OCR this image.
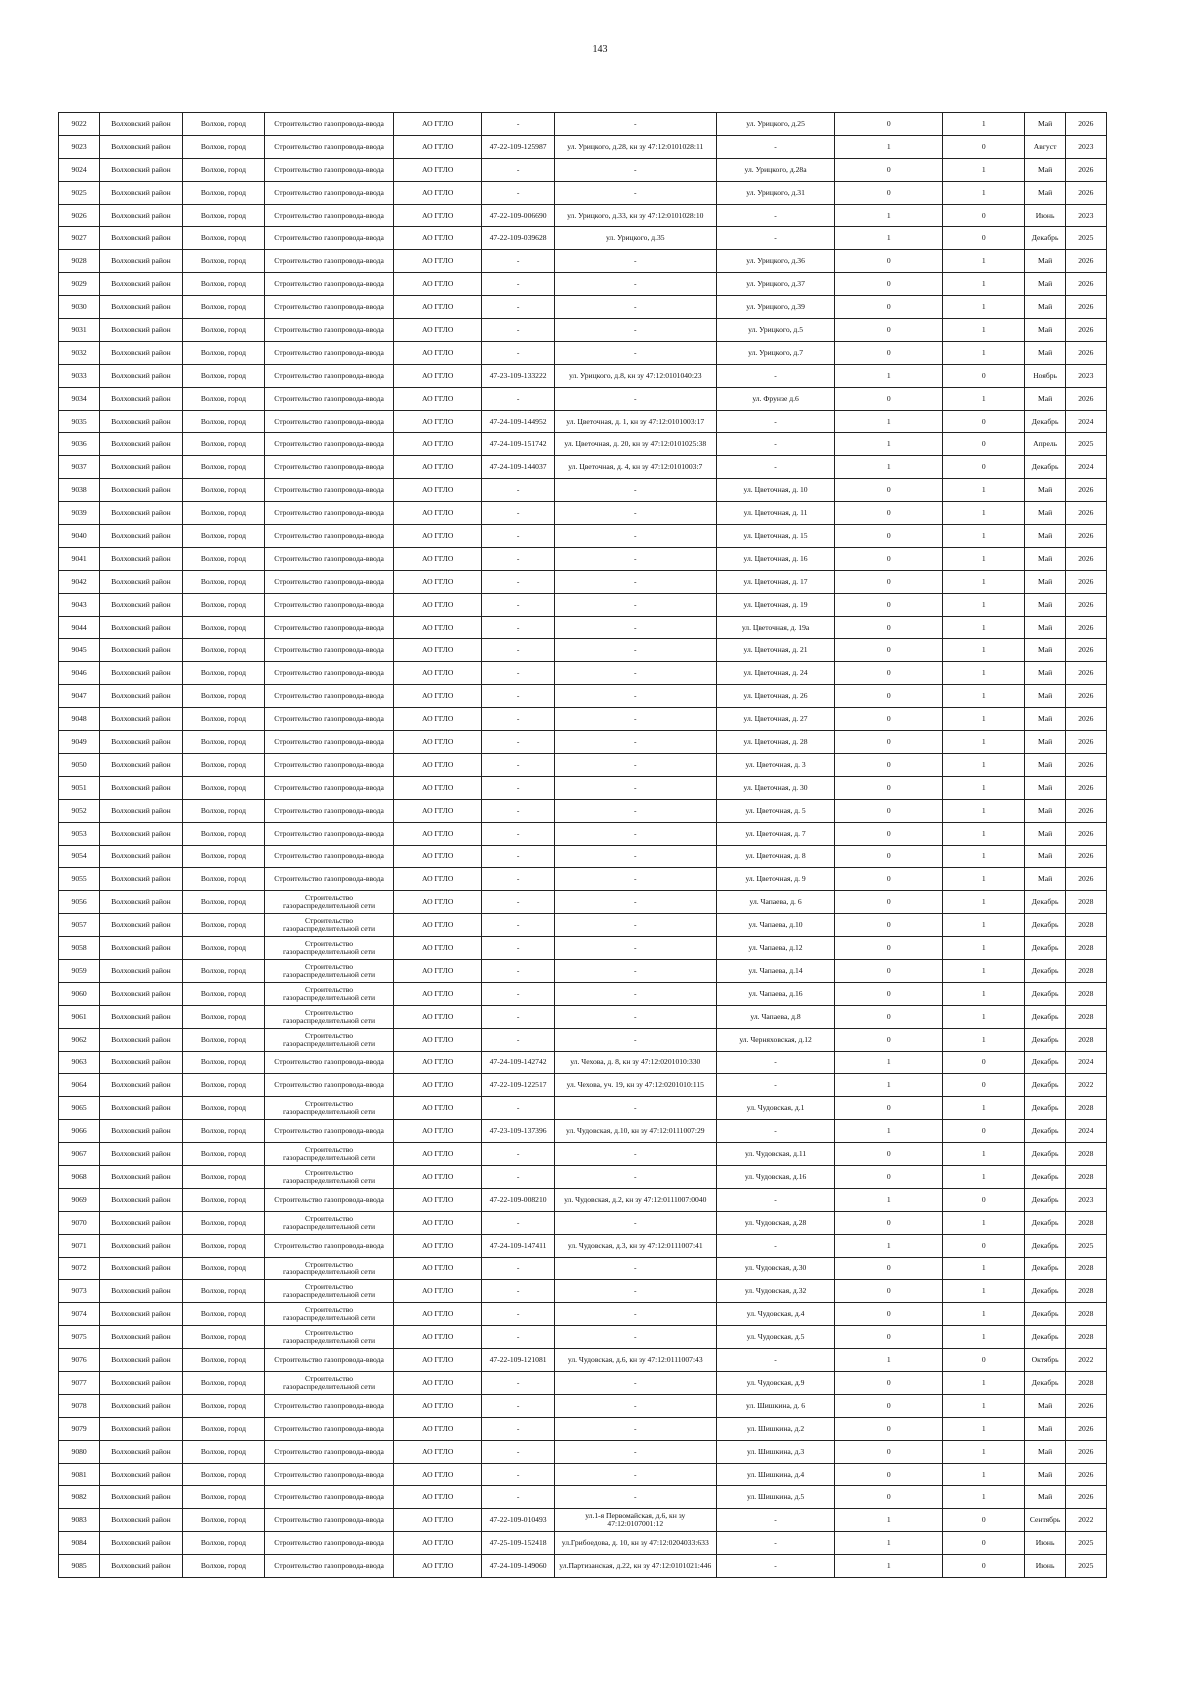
143
9022	Волховский район	Волхов, город	Строительство газопровода-ввода	АО ГГЛО	-	-	ул. Урицкого, д.25	0	1	Май	2026
9023	Волховский район	Волхов, город	Строительство газопровода-ввода	АО ГГЛО	47-22-109-125987	ул. Урицкого, д.28, кн зу 47:12:0101028:11	-	1	0	Август	2023
9024	Волховский район	Волхов, город	Строительство газопровода-ввода	АО ГГЛО	-	-	ул. Урицкого, д.28а	0	1	Май	2026
9025	Волховский район	Волхов, город	Строительство газопровода-ввода	АО ГГЛО	-	-	ул. Урицкого, д.31	0	1	Май	2026
9026	Волховский район	Волхов, город	Строительство газопровода-ввода	АО ГГЛО	47-22-109-006690	ул. Урицкого, д.33, кн зу 47:12:0101028:10	-	1	0	Июнь	2023
9027	Волховский район	Волхов, город	Строительство газопровода-ввода	АО ГГЛО	47-22-109-039628	ул. Урицкого, д.35	-	1	0	Декабрь	2025
9028	Волховский район	Волхов, город	Строительство газопровода-ввода	АО ГГЛО	-	-	ул. Урицкого, д.36	0	1	Май	2026
9029	Волховский район	Волхов, город	Строительство газопровода-ввода	АО ГГЛО	-	-	ул. Урицкого, д.37	0	1	Май	2026
9030	Волховский район	Волхов, город	Строительство газопровода-ввода	АО ГГЛО	-	-	ул. Урицкого, д.39	0	1	Май	2026
9031	Волховский район	Волхов, город	Строительство газопровода-ввода	АО ГГЛО	-	-	ул. Урицкого, д.5	0	1	Май	2026
9032	Волховский район	Волхов, город	Строительство газопровода-ввода	АО ГГЛО	-	-	ул. Урицкого, д.7	0	1	Май	2026
9033	Волховский район	Волхов, город	Строительство газопровода-ввода	АО ГГЛО	47-23-109-133222	ул. Урицкого, д.8, кн зу 47:12:0101040:23	-	1	0	Ноябрь	2023
9034	Волховский район	Волхов, город	Строительство газопровода-ввода	АО ГГЛО	-	-	ул. Фрунзе д.6	0	1	Май	2026
9035	Волховский район	Волхов, город	Строительство газопровода-ввода	АО ГГЛО	47-24-109-144952	ул. Цветочная, д. 1, кн зу 47:12:0101003:17	-	1	0	Декабрь	2024
9036	Волховский район	Волхов, город	Строительство газопровода-ввода	АО ГГЛО	47-24-109-151742	ул. Цветочная, д. 20, кн зу 47:12:0101025:38	-	1	0	Апрель	2025
9037	Волховский район	Волхов, город	Строительство газопровода-ввода	АО ГГЛО	47-24-109-144037	ул. Цветочная, д. 4, кн зу 47:12:0101003:7	-	1	0	Декабрь	2024
9038	Волховский район	Волхов, город	Строительство газопровода-ввода	АО ГГЛО	-	-	ул. Цветочная, д. 10	0	1	Май	2026
9039	Волховский район	Волхов, город	Строительство газопровода-ввода	АО ГГЛО	-	-	ул. Цветочная, д. 11	0	1	Май	2026
9040	Волховский район	Волхов, город	Строительство газопровода-ввода	АО ГГЛО	-	-	ул. Цветочная, д. 15	0	1	Май	2026
9041	Волховский район	Волхов, город	Строительство газопровода-ввода	АО ГГЛО	-	-	ул. Цветочная, д. 16	0	1	Май	2026
9042	Волховский район	Волхов, город	Строительство газопровода-ввода	АО ГГЛО	-	-	ул. Цветочная, д. 17	0	1	Май	2026
9043	Волховский район	Волхов, город	Строительство газопровода-ввода	АО ГГЛО	-	-	ул. Цветочная, д. 19	0	1	Май	2026
9044	Волховский район	Волхов, город	Строительство газопровода-ввода	АО ГГЛО	-	-	ул. Цветочная, д. 19а	0	1	Май	2026
9045	Волховский район	Волхов, город	Строительство газопровода-ввода	АО ГГЛО	-	-	ул. Цветочная, д. 21	0	1	Май	2026
9046	Волховский район	Волхов, город	Строительство газопровода-ввода	АО ГГЛО	-	-	ул. Цветочная, д. 24	0	1	Май	2026
9047	Волховский район	Волхов, город	Строительство газопровода-ввода	АО ГГЛО	-	-	ул. Цветочная, д. 26	0	1	Май	2026
9048	Волховский район	Волхов, город	Строительство газопровода-ввода	АО ГГЛО	-	-	ул. Цветочная, д. 27	0	1	Май	2026
9049	Волховский район	Волхов, город	Строительство газопровода-ввода	АО ГГЛО	-	-	ул. Цветочная, д. 28	0	1	Май	2026
9050	Волховский район	Волхов, город	Строительство газопровода-ввода	АО ГГЛО	-	-	ул. Цветочная, д. 3	0	1	Май	2026
9051	Волховский район	Волхов, город	Строительство газопровода-ввода	АО ГГЛО	-	-	ул. Цветочная, д. 30	0	1	Май	2026
9052	Волховский район	Волхов, город	Строительство газопровода-ввода	АО ГГЛО	-	-	ул. Цветочная, д. 5	0	1	Май	2026
9053	Волховский район	Волхов, город	Строительство газопровода-ввода	АО ГГЛО	-	-	ул. Цветочная, д. 7	0	1	Май	2026
9054	Волховский район	Волхов, город	Строительство газопровода-ввода	АО ГГЛО	-	-	ул. Цветочная, д. 8	0	1	Май	2026
9055	Волховский район	Волхов, город	Строительство газопровода-ввода	АО ГГЛО	-	-	ул. Цветочная, д. 9	0	1	Май	2026
9056	Волховский район	Волхов, город	Строительство газораспределительной сети	АО ГГЛО	-	-	ул. Чапаева, д. 6	0	1	Декабрь	2028
9057	Волховский район	Волхов, город	Строительство газораспределительной сети	АО ГГЛО	-	-	ул. Чапаева, д.10	0	1	Декабрь	2028
9058	Волховский район	Волхов, город	Строительство газораспределительной сети	АО ГГЛО	-	-	ул. Чапаева, д.12	0	1	Декабрь	2028
9059	Волховский район	Волхов, город	Строительство газораспределительной сети	АО ГГЛО	-	-	ул. Чапаева, д.14	0	1	Декабрь	2028
9060	Волховский район	Волхов, город	Строительство газораспределительной сети	АО ГГЛО	-	-	ул. Чапаева, д.16	0	1	Декабрь	2028
9061	Волховский район	Волхов, город	Строительство газораспределительной сети	АО ГГЛО	-	-	ул. Чапаева, д.8	0	1	Декабрь	2028
9062	Волховский район	Волхов, город	Строительство газораспределительной сети	АО ГГЛО	-	-	ул. Черняховская, д.12	0	1	Декабрь	2028
9063	Волховский район	Волхов, город	Строительство газопровода-ввода	АО ГГЛО	47-24-109-142742	ул. Чехова, д. 8, кн зу 47:12:0201010:330	-	1	0	Декабрь	2024
9064	Волховский район	Волхов, город	Строительство газопровода-ввода	АО ГГЛО	47-22-109-122517	ул. Чехова, уч. 19, кн зу 47:12:0201010:115	-	1	0	Декабрь	2022
9065	Волховский район	Волхов, город	Строительство газораспределительной сети	АО ГГЛО	-	-	ул. Чудовская, д.1	0	1	Декабрь	2028
9066	Волховский район	Волхов, город	Строительство газопровода-ввода	АО ГГЛО	47-23-109-137396	ул. Чудовская, д.10, кн зу 47:12:0111007:29	-	1	0	Декабрь	2024
9067	Волховский район	Волхов, город	Строительство газораспределительной сети	АО ГГЛО	-	-	ул. Чудовская, д.11	0	1	Декабрь	2028
9068	Волховский район	Волхов, город	Строительство газораспределительной сети	АО ГГЛО	-	-	ул. Чудовская, д.16	0	1	Декабрь	2028
9069	Волховский район	Волхов, город	Строительство газопровода-ввода	АО ГГЛО	47-22-109-008210	ул. Чудовская, д.2, кн зу 47:12:0111007:0040	-	1	0	Декабрь	2023
9070	Волховский район	Волхов, город	Строительство газораспределительной сети	АО ГГЛО	-	-	ул. Чудовская, д.28	0	1	Декабрь	2028
9071	Волховский район	Волхов, город	Строительство газопровода-ввода	АО ГГЛО	47-24-109-147411	ул. Чудовская, д.3, кн зу 47:12:0111007:41	-	1	0	Декабрь	2025
9072	Волховский район	Волхов, город	Строительство газораспределительной сети	АО ГГЛО	-	-	ул. Чудовская, д.30	0	1	Декабрь	2028
9073	Волховский район	Волхов, город	Строительство газораспределительной сети	АО ГГЛО	-	-	ул. Чудовская, д.32	0	1	Декабрь	2028
9074	Волховский район	Волхов, город	Строительство газораспределительной сети	АО ГГЛО	-	-	ул. Чудовская, д.4	0	1	Декабрь	2028
9075	Волховский район	Волхов, город	Строительство газораспределительной сети	АО ГГЛО	-	-	ул. Чудовская, д.5	0	1	Декабрь	2028
9076	Волховский район	Волхов, город	Строительство газопровода-ввода	АО ГГЛО	47-22-109-121081	ул. Чудовская, д.6, кн зу 47:12:0111007:43	-	1	0	Октябрь	2022
9077	Волховский район	Волхов, город	Строительство газораспределительной сети	АО ГГЛО	-	-	ул. Чудовская, д.9	0	1	Декабрь	2028
9078	Волховский район	Волхов, город	Строительство газопровода-ввода	АО ГГЛО	-	-	ул. Шишкина, д. 6	0	1	Май	2026
9079	Волховский район	Волхов, город	Строительство газопровода-ввода	АО ГГЛО	-	-	ул. Шишкина, д.2	0	1	Май	2026
9080	Волховский район	Волхов, город	Строительство газопровода-ввода	АО ГГЛО	-	-	ул. Шишкина, д.3	0	1	Май	2026
9081	Волховский район	Волхов, город	Строительство газопровода-ввода	АО ГГЛО	-	-	ул. Шишкина, д.4	0	1	Май	2026
9082	Волховский район	Волхов, город	Строительство газопровода-ввода	АО ГГЛО	-	-	ул. Шишкина, д.5	0	1	Май	2026
9083	Волховский район	Волхов, город	Строительство газопровода-ввода	АО ГГЛО	47-22-109-010493	ул.1-я Первомайская, д.6, кн зу 47:12:0107001:12	-	1	0	Сентябрь	2022
9084	Волховский район	Волхов, город	Строительство газопровода-ввода	АО ГГЛО	47-25-109-152418	ул.Грибоедова, д. 10, кн зу 47:12:0204033:633	-	1	0	Июнь	2025
9085	Волховский район	Волхов, город	Строительство газопровода-ввода	АО ГГЛО	47-24-109-149060	ул.Партизанская, д.22, кн зу 47:12:0101021:446	-	1	0	Июнь	2025
